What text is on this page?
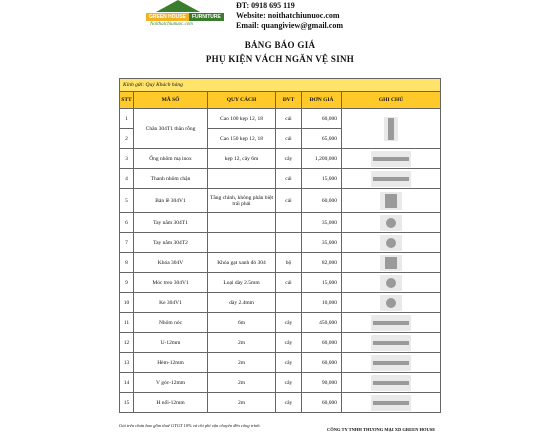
GREEN HOUSE	FURNITURE
Noithatchiunuoc.com
ĐT: 0918 695 119
Website: noithatchiunuoc.com
Email: quangiview@gmail.com
BẢNG BÁO GIÁ
PHỤ KIỆN VÁCH NGĂN VỆ SINH
Kính gửi: Quý Khách hàng					
STT	MÃ SỐ	QUY CÁCH	ĐVT	ĐƠN GIÁ	GHI CHÚ
1	Chân 304T1 thân rỗng	Cao 100 kẹp 12, 18	cái	60,000	

2		Cao 150 kẹp 12, 18	cái	65,000	
3	Ống nhôm mạ inox	kẹp 12, cây 6m	cây	1,200,000	

4	Thanh nhôm chặn		cái	15,000	

5	Bản lề 304V1	Tăng chỉnh, không phân biệt trái phải	cái	60,000	

6	Tay nắm 304T1			35,000	

7	Tay nắm 304T2			35,000	

8	Khóa 304V	Khóa gạt xanh đỏ 304	bộ	82,000	

9	Móc treo 304V1	Loại dày 2.5mm	cái	15,000	

10	Ke 304V1	dày 2.4mm		10,000	

11	Nhôm nóc	6m	cây	450,000	

12	U-12mm	2m	cây	60,000	

13	Hèm-12mm	2m	cây	60,000	

14	V góc-12mm	2m	cây	90,000	

15	H nối-12mm	2m	cây	60,000	
Giá trên chưa bao gồm thuế GTGT 10% và chi phí vận chuyển đến công trình.
CÔNG TY TNHH THƯƠNG MẠI XD GREEN HOUSE
